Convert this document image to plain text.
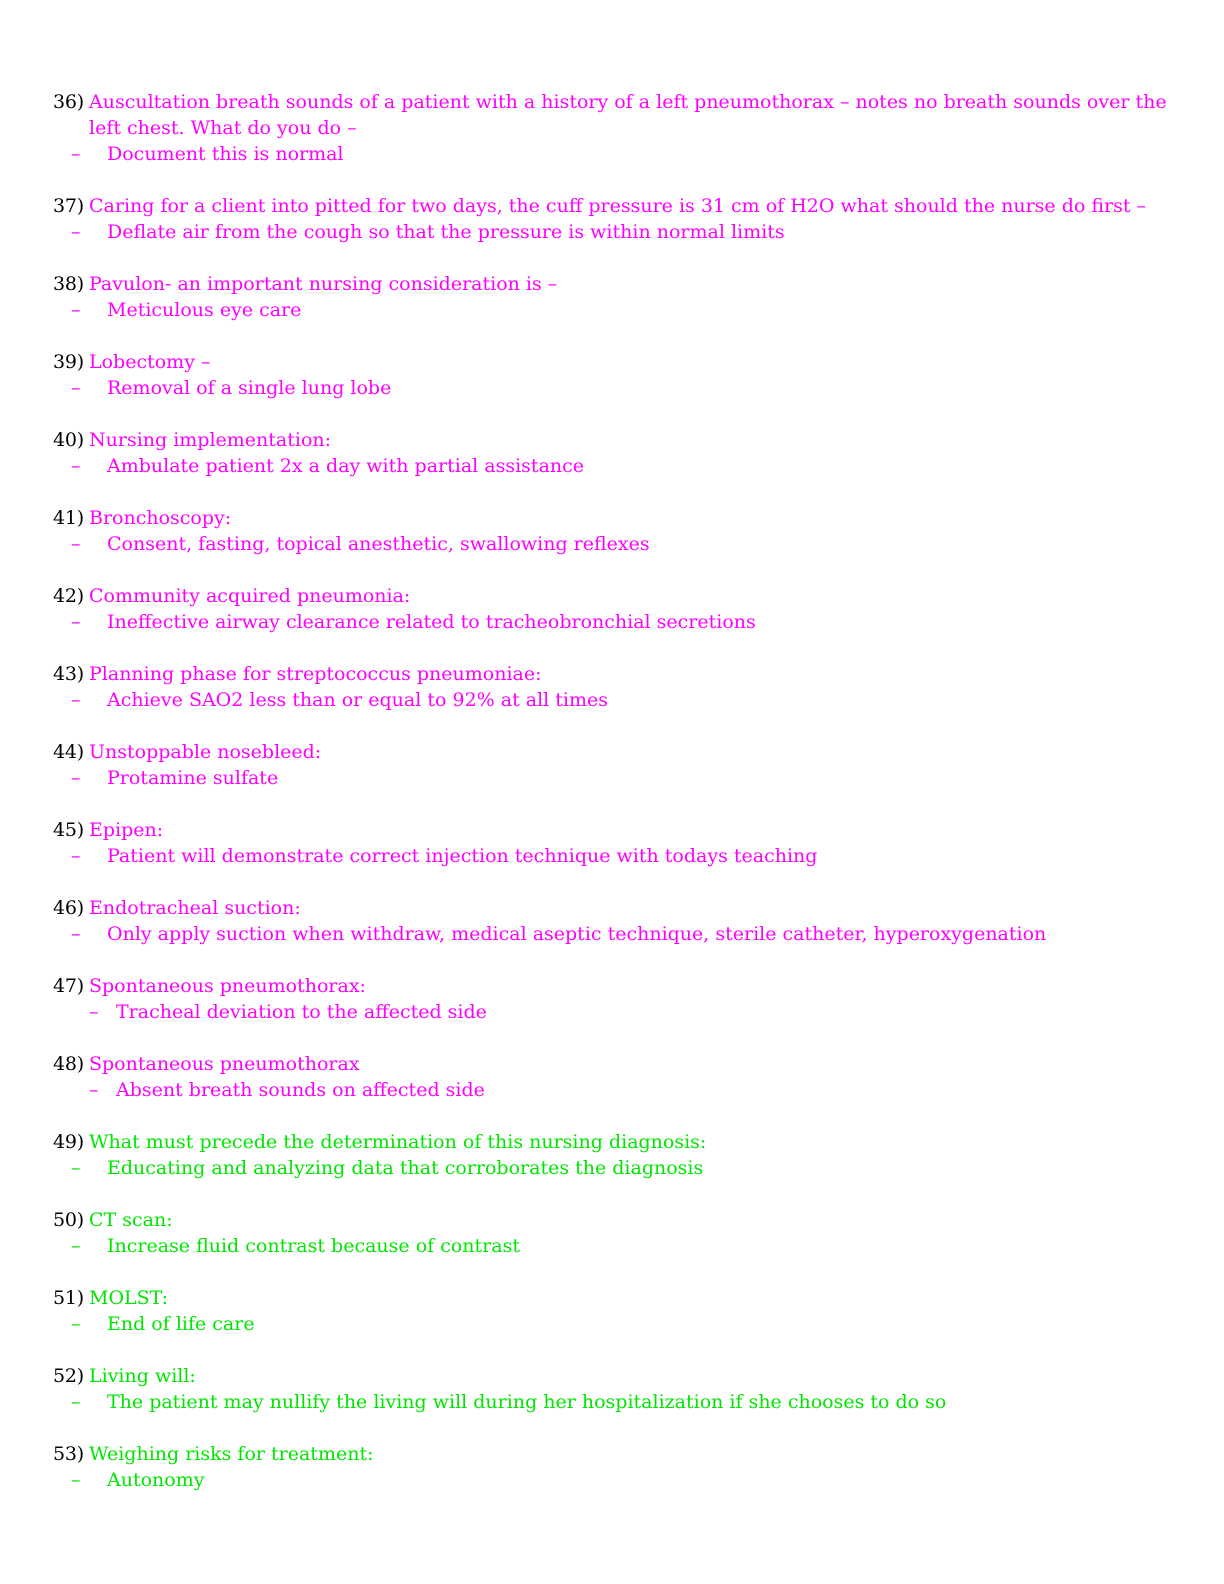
36) Auscultation breath sounds of a patient with a history of a left pneumothorax – notes no breath sounds over the left chest. What do you do –
–	Document this is normal
37) Caring for a client into pitted for two days, the cuff pressure is 31 cm of H2O what should the nurse do first –
–	Deflate air from the cough so that the pressure is within normal limits
38) Pavulon- an important nursing consideration is –
–	Meticulous eye care
39) Lobectomy –
–	Removal of a single lung lobe
40) Nursing implementation:
–	Ambulate patient 2x a day with partial assistance
41) Bronchoscopy:
–	Consent, fasting, topical anesthetic, swallowing reflexes
42) Community acquired pneumonia:
–	Ineffective airway clearance related to tracheobronchial secretions
43) Planning phase for streptococcus pneumoniae:
–	Achieve SAO2 less than or equal to 92% at all times
44) Unstoppable nosebleed:
–	Protamine sulfate
45) Epipen:
–	Patient will demonstrate correct injection technique with todays teaching
46) Endotracheal suction:
–	Only apply suction when withdraw, medical aseptic technique, sterile catheter, hyperoxygenation
47) Spontaneous pneumothorax:
– Tracheal deviation to the affected side
48) Spontaneous pneumothorax
– Absent breath sounds on affected side
49) What must precede the determination of this nursing diagnosis:
–	Educating and analyzing data that corroborates the diagnosis
50) CT scan:
–	Increase fluid contrast because of contrast
51) MOLST:
–	End of life care
52) Living will:
–	The patient may nullify the living will during her hospitalization if she chooses to do so
53) Weighing risks for treatment:
–	Autonomy
